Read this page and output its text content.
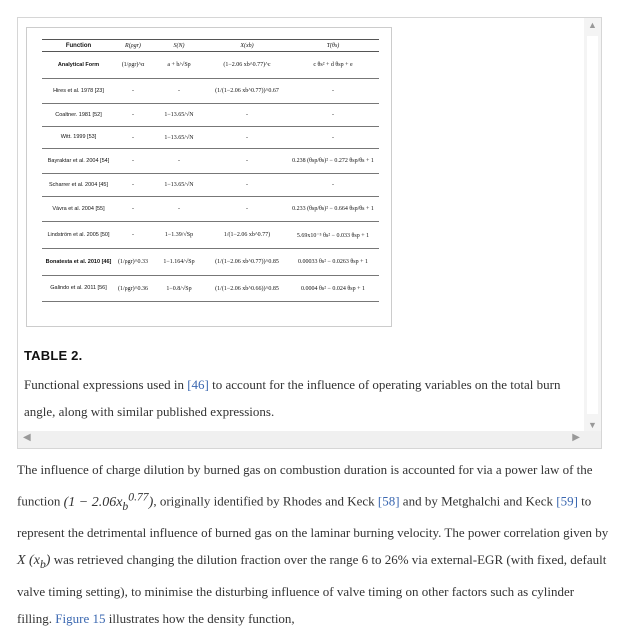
Function	R(ρgr)	S(N)	X(xb)	T(θs)
Analytical Form	(1/ρgr)^α	a + b/√Sp	(1−2.06 xb^0.77)^c	c θs² + d θsp + e
Hires et al. 1978 [23]	-	-	(1/(1−2.06 xb^0.77))^0.67	-
Coaltner. 1981 [52]	-	1−13.65/√N	-	-
Witt. 1999 [53]	-	1−13.65/√N	-	-
Bayraktar et al. 2004 [54]	-	-	-	0.238 (θsp/θs)² − 0.272 θsp/θs + 1
Scharrer et al. 2004 [45]	-	1−13.65/√N	-	-
Vávra et al. 2004 [55]	-	-	-	0.233 (θsp/θs)² − 0.664 θsp/θs + 1
Lindström et al. 2005 [50]	-	1−1.39/√Sp	1/(1−2.06 xb^0.77)	5.69x10⁻⁵ θs² − 0.033 θsp + 1
Bonatesta et al. 2010 [46]	(1/ρgr)^0.33	1−1.164/√Sp	(1/(1−2.06 xb^0.77))^0.85	0.00033 θs² − 0.0263 θsp + 1
Galindo et al. 2011 [56]	(1/ρgr)^0.36	1−0.8/√Sp	(1/(1−2.06 xb^0.66))^0.85	0.0004 θs² − 0.024 θsp + 1
TABLE 2.
Functional expressions used in [46] to account for the influence of operating variables on the total burn angle, along with similar published expressions.
▲
▼
◀	▶
The influence of charge dilution by burned gas on combustion duration is accounted for via a power law of the function $(1 - 2.06x_b^{0.77})$, originally identified by Rhodes and Keck [58] and by Metghalchi and Keck [59] to represent the detrimental influence of burned gas on the laminar burning velocity. The power correlation given by X $(x_b)$ was retrieved changing the dilution fraction over the range 6 to 26% via external-EGR (with fixed, default valve timing setting), to minimise the disturbing influence of valve timing on other factors such as cylinder filling. Figure 15 illustrates how the density function,
